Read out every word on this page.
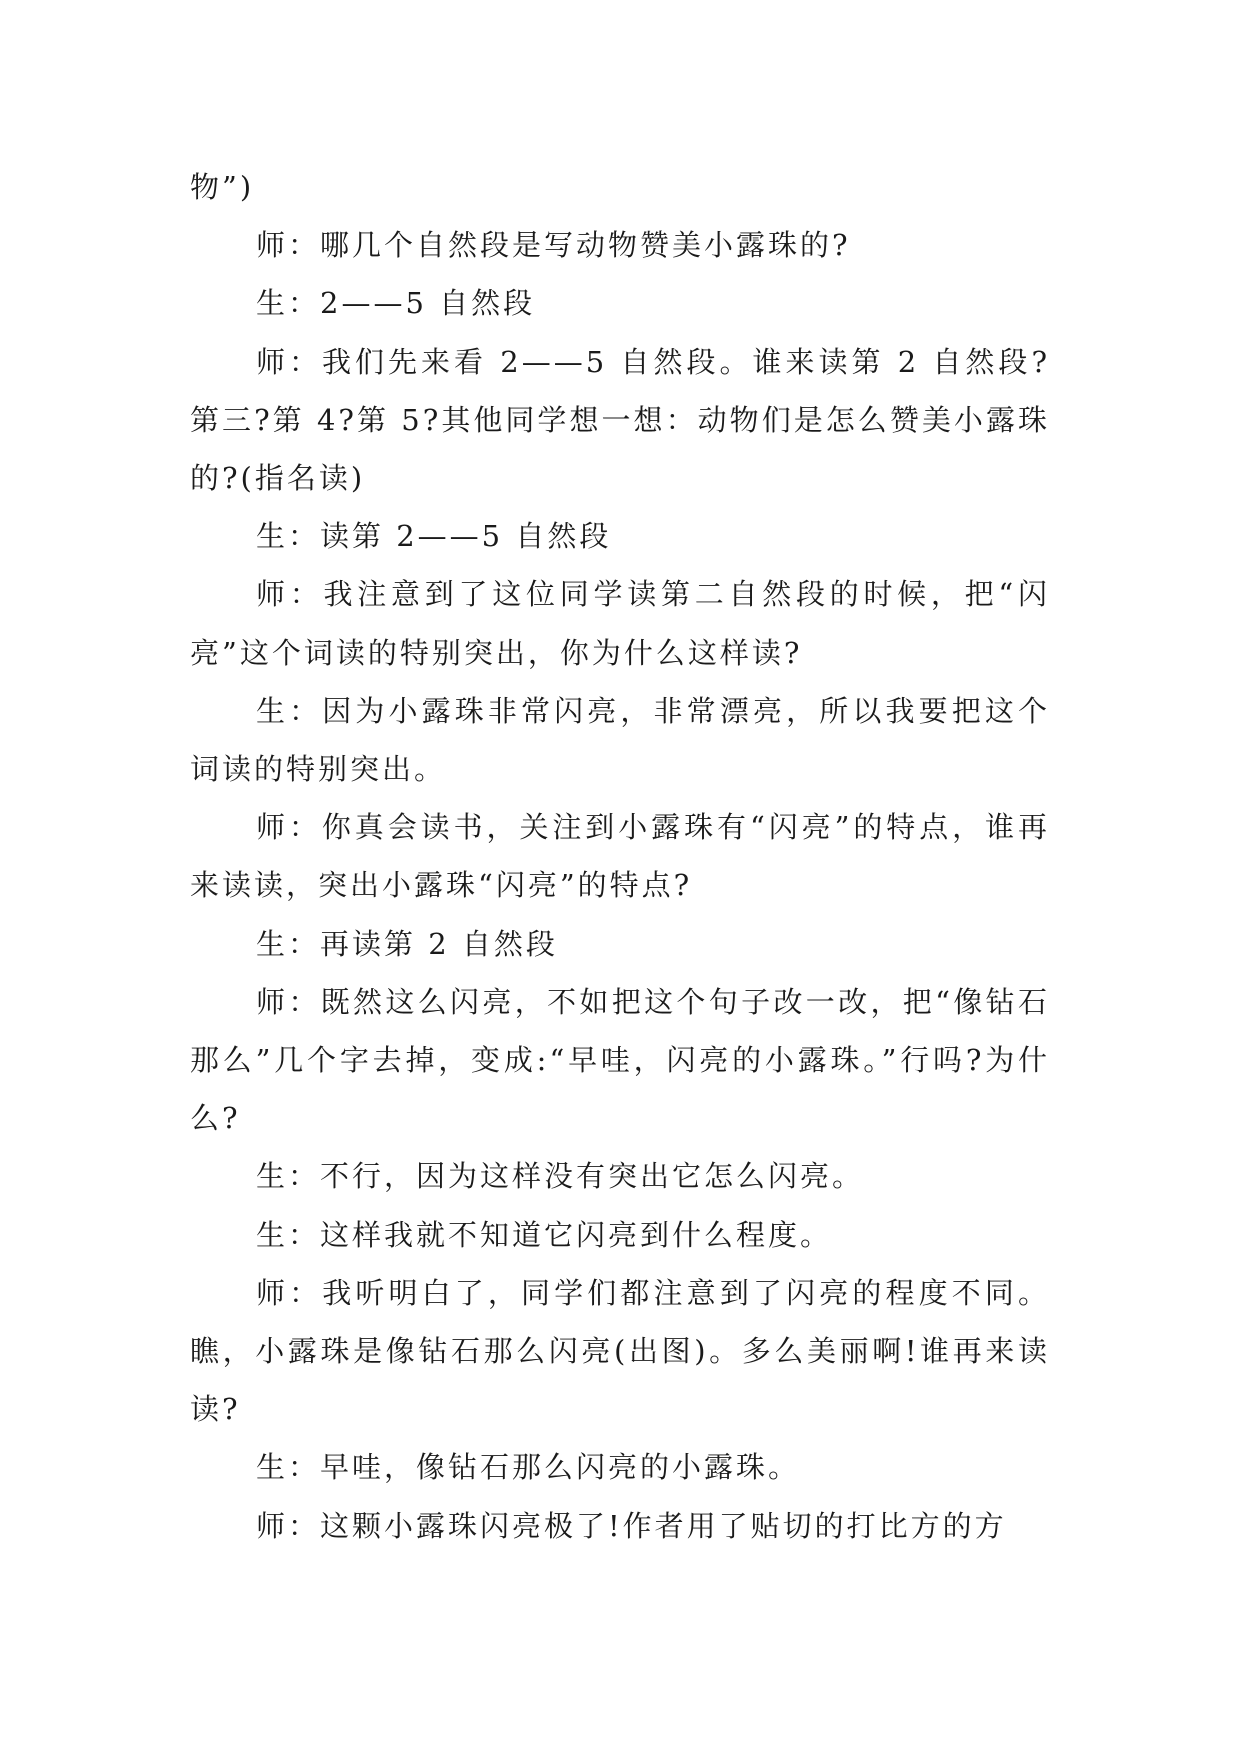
物”)

师：哪几个自然段是写动物赞美小露珠的?

生：2——5 自然段

师：我们先来看 2——5 自然段。谁来读第 2 自然段?第三?第 4?第 5?其他同学想一想：动物们是怎么赞美小露珠的?(指名读)

生：读第 2——5 自然段

师：我注意到了这位同学读第二自然段的时候，把“闪亮”这个词读的特别突出，你为什么这样读?

生：因为小露珠非常闪亮，非常漂亮，所以我要把这个词读的特别突出。

师：你真会读书，关注到小露珠有“闪亮”的特点，谁再来读读，突出小露珠“闪亮”的特点?

生：再读第 2 自然段

师：既然这么闪亮，不如把这个句子改一改，把“像钻石那么”几个字去掉，变成:“早哇，闪亮的小露珠。”行吗?为什么?

生：不行，因为这样没有突出它怎么闪亮。

生：这样我就不知道它闪亮到什么程度。

师：我听明白了，同学们都注意到了闪亮的程度不同。瞧，小露珠是像钻石那么闪亮(出图)。多么美丽啊!谁再来读读?

生：早哇，像钻石那么闪亮的小露珠。

师：这颗小露珠闪亮极了!作者用了贴切的打比方的方
